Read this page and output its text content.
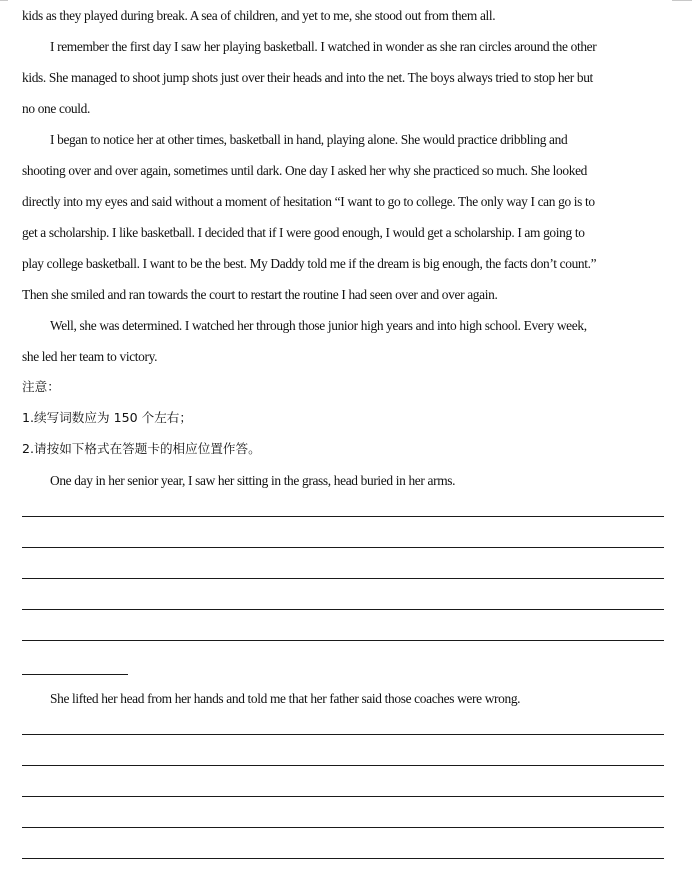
kids as they played during break. A sea of children, and yet to me, she stood out from them all.
I remember the first day I saw her playing basketball. I watched in wonder as she ran circles around the other
kids. She managed to shoot jump shots just over their heads and into the net. The boys always tried to stop her but
no one could.
I began to notice her at other times, basketball in hand, playing alone. She would practice dribbling and
shooting over and over again, sometimes until dark. One day I asked her why she practiced so much. She looked
directly into my eyes and said without a moment of hesitation “I want to go to college. The only way I can go is to
get a scholarship. I like basketball. I decided that if I were good enough, I would get a scholarship. I am going to
play college basketball. I want to be the best. My Daddy told me if the dream is big enough, the facts don’t count.”
Then she smiled and ran towards the court to restart the routine I had seen over and over again.
Well, she was determined. I watched her through those junior high years and into high school. Every week,
she led her team to victory.
注意：
1.续写词数应为 150 个左右；
2.请按如下格式在答题卡的相应位置作答。
One day in her senior year, I saw her sitting in the grass, head buried in her arms.
She lifted her head from her hands and told me that her father said those coaches were wrong.
